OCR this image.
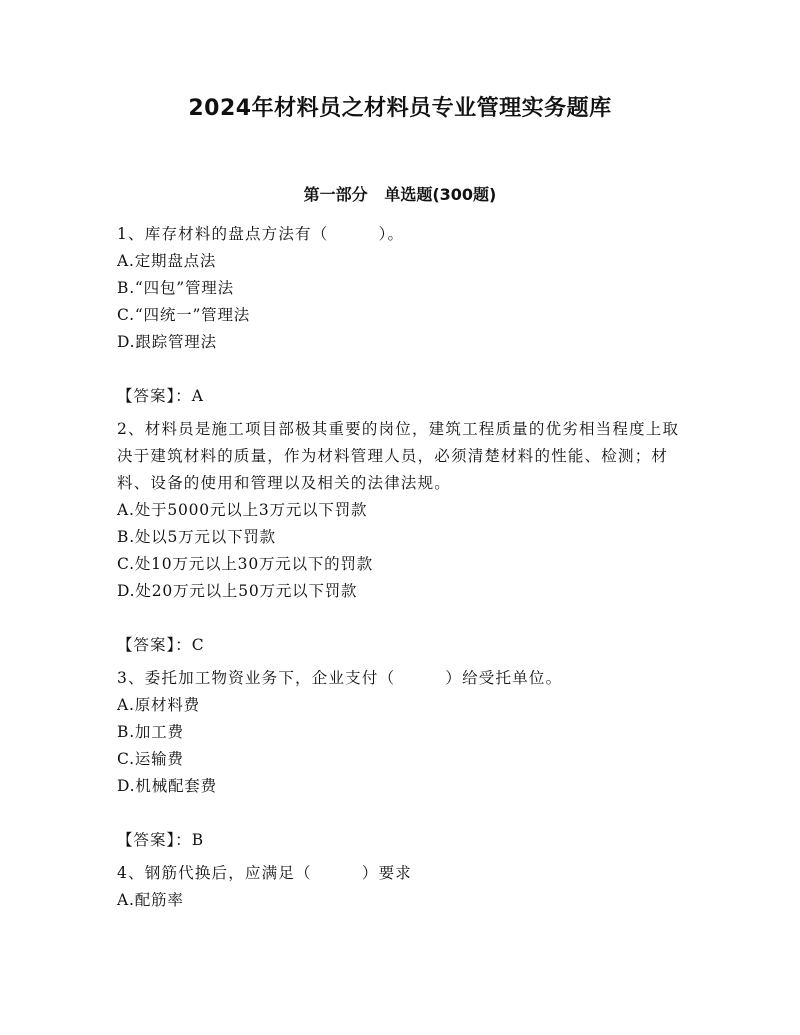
2024年材料员之材料员专业管理实务题库
第一部分   单选题(300题)

1、库存材料的盘点方法有（　　　）。

A.定期盘点法

B.“四包”管理法

C.“四统一”管理法

D.跟踪管理法

【答案】：A

2、材料员是施工项目部极其重要的岗位，建筑工程质量的优劣相当程度上取决于建筑材料的质量，作为材料管理人员，必须清楚材料的性能、检测；材料、设备的使用和管理以及相关的法律法规。

A.处于5000元以上3万元以下罚款

B.处以5万元以下罚款

C.处10万元以上30万元以下的罚款

D.处20万元以上50万元以下罚款

【答案】：C

3、委托加工物资业务下，企业支付（　　　）给受托单位。

A.原材料费

B.加工费

C.运输费

D.机械配套费

【答案】：B

4、钢筋代换后，应满足（　　　）要求

A.配筋率
